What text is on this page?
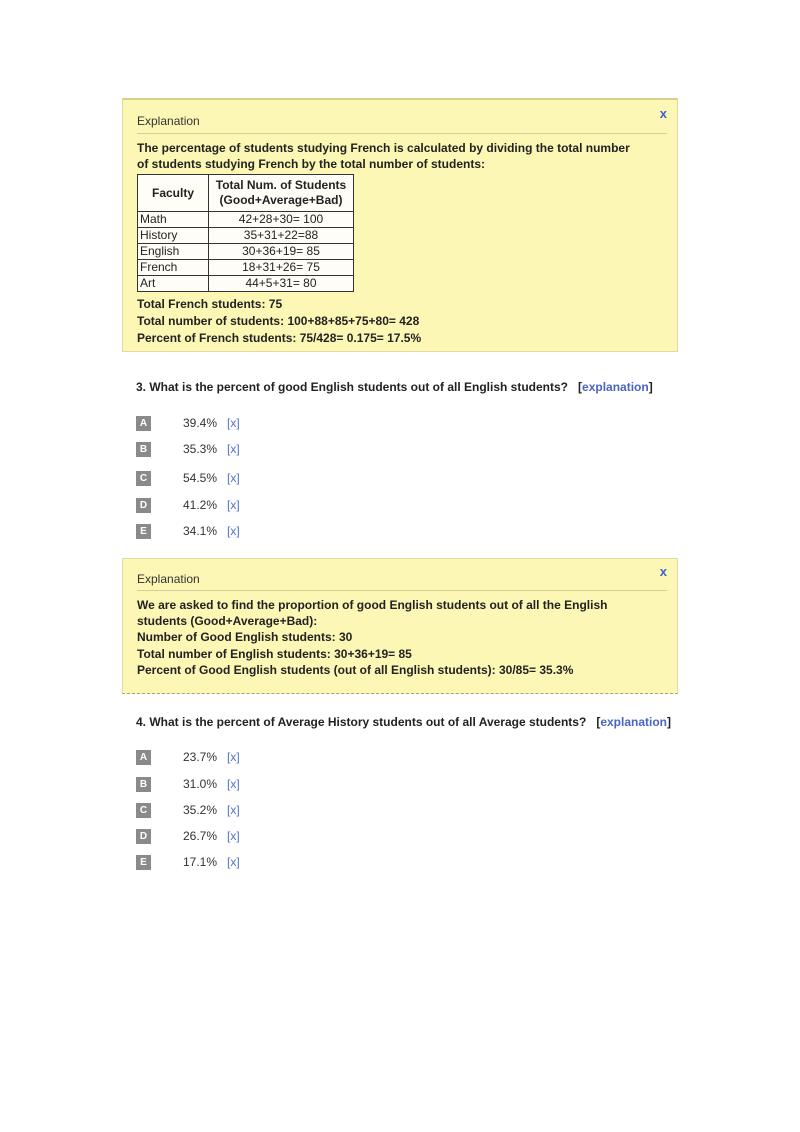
Explanation	x
The percentage of students studying French is calculated by dividing the total number
of students studying French by the total number of students:
Faculty	Total Num. of Students
(Good+Average+Bad)
Math	42+28+30= 100
History	35+31+22=88
English	30+36+19= 85
French	18+31+26= 75
Art	44+5+31= 80
Total French students: 75
Total number of students: 100+88+85+75+80= 428
Percent of French students: 75/428= 0.175= 17.5%
3. What is the percent of good English students out of all English students? [explanation]
A	39.4% [x]
B	35.3% [x]
C	54.5% [x]
D	41.2% [x]
E	34.1% [x]
Explanation	x
We are asked to find the proportion of good English students out of all the English
students (Good+Average+Bad):
Number of Good English students: 30
Total number of English students: 30+36+19= 85
Percent of Good English students (out of all English students): 30/85= 35.3%
4. What is the percent of Average History students out of all Average students? [explanation]
A	23.7% [x]
B	31.0% [x]
C	35.2% [x]
D	26.7% [x]
E	17.1% [x]
